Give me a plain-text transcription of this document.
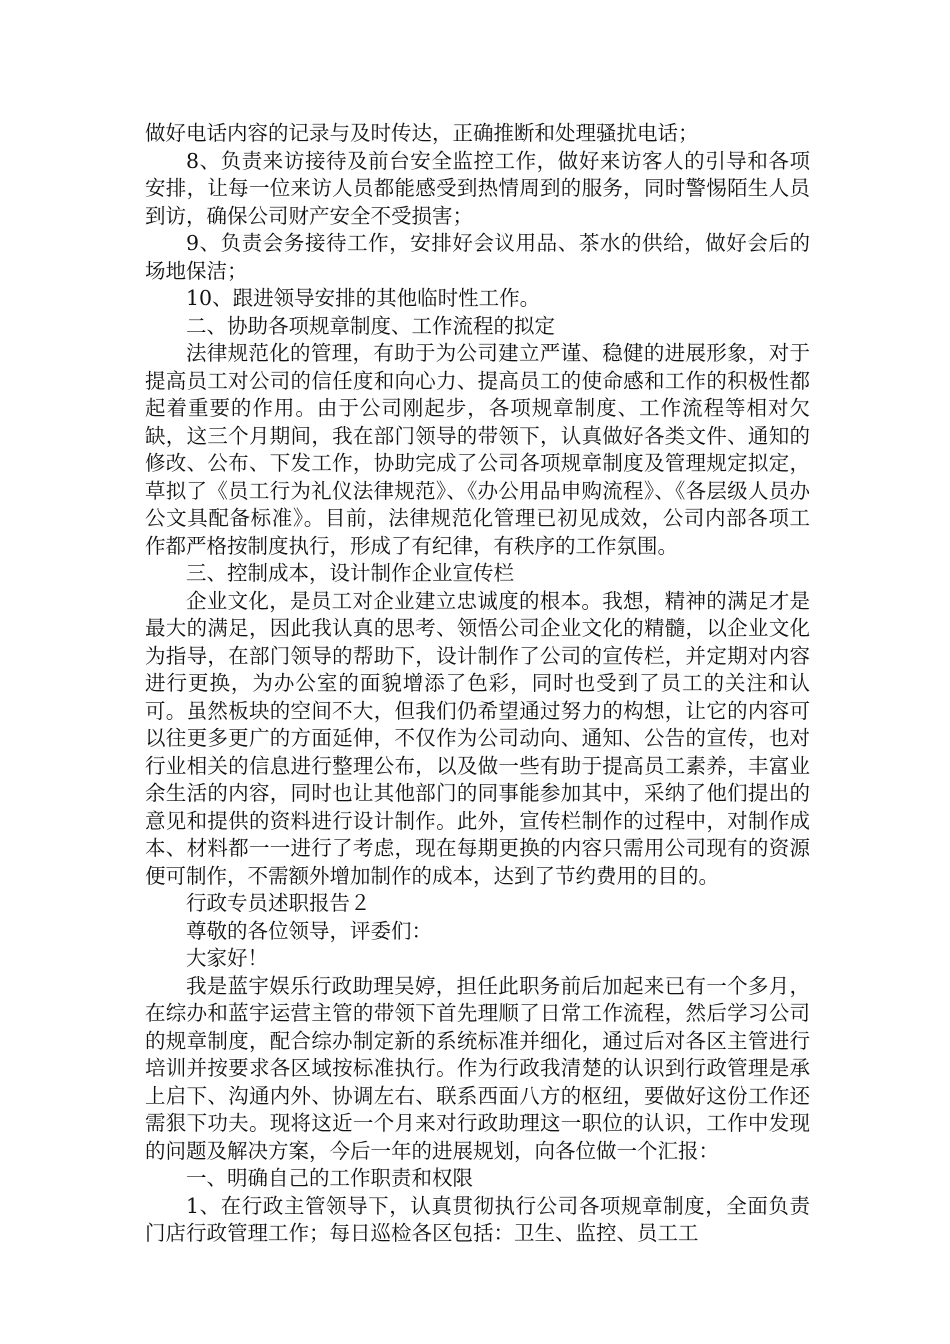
做好电话内容的记录与及时传达，正确推断和处理骚扰电话；

8、负责来访接待及前台安全监控工作，做好来访客人的引导和各项安排，让每一位来访人员都能感受到热情周到的服务，同时警惕陌生人员到访，确保公司财产安全不受损害；

9、负责会务接待工作，安排好会议用品、茶水的供给，做好会后的场地保洁；

10、跟进领导安排的其他临时性工作。

二、协助各项规章制度、工作流程的拟定

法律规范化的管理，有助于为公司建立严谨、稳健的进展形象，对于提高员工对公司的信任度和向心力、提高员工的使命感和工作的积极性都起着重要的作用。由于公司刚起步，各项规章制度、工作流程等相对欠缺，这三个月期间，我在部门领导的带领下，认真做好各类文件、通知的修改、公布、下发工作，协助完成了公司各项规章制度及管理规定拟定，草拟了《员工行为礼仪法律规范》、《办公用品申购流程》、《各层级人员办公文具配备标准》。目前，法律规范化管理已初见成效，公司内部各项工作都严格按制度执行，形成了有纪律，有秩序的工作氛围。

三、控制成本，设计制作企业宣传栏

企业文化，是员工对企业建立忠诚度的根本。我想，精神的满足才是最大的满足，因此我认真的思考、领悟公司企业文化的精髓，以企业文化为指导，在部门领导的帮助下，设计制作了公司的宣传栏，并定期对内容进行更换，为办公室的面貌增添了色彩，同时也受到了员工的关注和认可。虽然板块的空间不大，但我们仍希望通过努力的构想，让它的内容可以往更多更广的方面延伸，不仅作为公司动向、通知、公告的宣传，也对行业相关的信息进行整理公布，以及做一些有助于提高员工素养，丰富业余生活的内容，同时也让其他部门的同事能参加其中，采纳了他们提出的意见和提供的资料进行设计制作。此外，宣传栏制作的过程中，对制作成本、材料都一一进行了考虑，现在每期更换的内容只需用公司现有的资源便可制作，不需额外增加制作的成本，达到了节约费用的目的。

行政专员述职报告２

尊敬的各位领导，评委们：

大家好！

我是蓝宇娱乐行政助理吴婷，担任此职务前后加起来已有一个多月，在综办和蓝宇运营主管的带领下首先理顺了日常工作流程，然后学习公司的规章制度，配合综办制定新的系统标准并细化，通过后对各区主管进行培训并按要求各区域按标准执行。作为行政我清楚的认识到行政管理是承上启下、沟通内外、协调左右、联系西面八方的枢纽，要做好这份工作还需狠下功夫。现将这近一个月来对行政助理这一职位的认识，工作中发现的问题及解决方案，今后一年的进展规划，向各位做一个汇报：

一、明确自己的工作职责和权限

1、在行政主管领导下，认真贯彻执行公司各项规章制度，全面负责门店行政管理工作；每日巡检各区包括：卫生、监控、员工工
